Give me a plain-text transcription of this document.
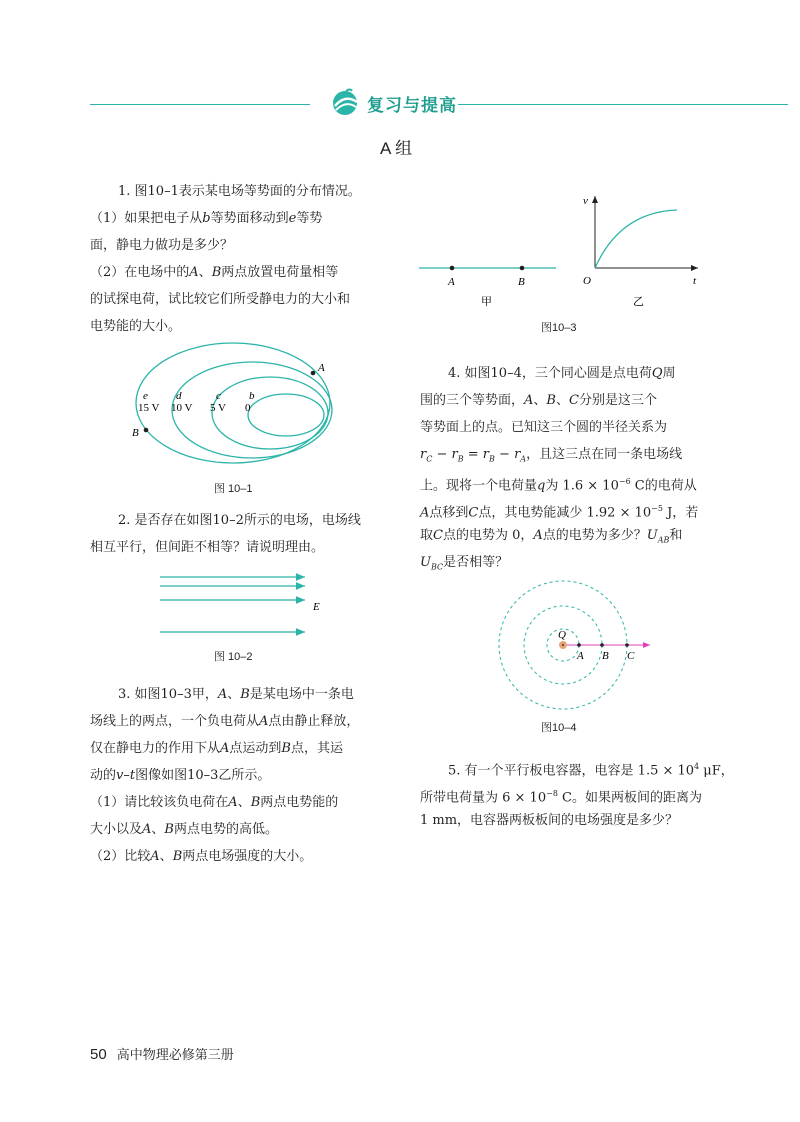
复习与提高
A 组
1. 图10–1表示某电场等势面的分布情况。
（1）如果把电子从b等势面移动到e等势
面，静电力做功是多少？
（2）在电场中的A、B两点放置电荷量相等
的试探电荷，试比较它们所受静电力的大小和
电势能的大小。
A
B
e	d	c	b
15 V 10 V 5 V 0
图 10–1
2. 是否存在如图10–2所示的电场，电场线
相互平行，但间距不相等？请说明理由。
E
图 10–2
3. 如图10–3甲，A、B是某电场中一条电
场线上的两点，一个负电荷从A点由静止释放，
仅在静电力的作用下从A点运动到B点，其运
动的v–t图像如图10–3乙所示。
（1）请比较该负电荷在A、B两点电势能的
大小以及A、B两点电势的高低。
（2）比较A、B两点电场强度的大小。
A	B
甲
v
t
O
乙
图10–3
4. 如图10–4，三个同心圆是点电荷Q周
围的三个等势面，A、B、C分别是这三个
等势面上的点。已知这三个圆的半径关系为
$r_C - r_B = r_B - r_A$，且这三点在同一条电场线
上。现将一个电荷量q为 $1.6 \times 10^{-6}$ C的电荷从
A点移到C点，其电势能减少 $1.92 \times 10^{-5}$ J，若
取C点的电势为 0，A点的电势为多少？$U_{AB}$和
$U_{BC}$是否相等？
Q
A B C
图10–4
5. 有一个平行板电容器，电容是 $1.5 \times 10^4$ μF，
所带电荷量为 $6 \times 10^{-8}$ C。如果两板间的距离为
1 mm，电容器两板板间的电场强度是多少？
50 高中物理必修第三册
